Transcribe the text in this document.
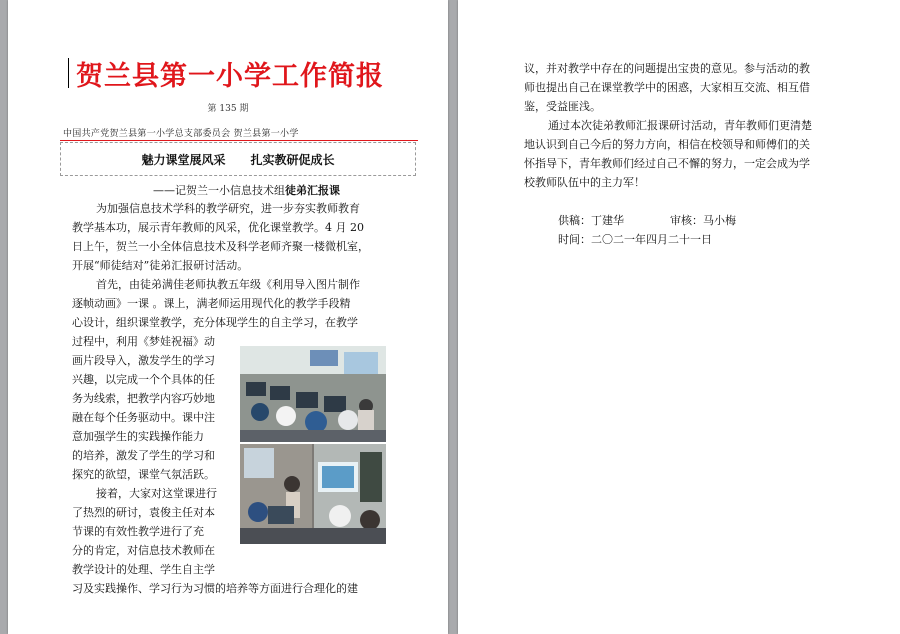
贺兰县第一小学工作简报
第 135 期
中国共产党贺兰县第一小学总支部委员会 贺兰县第一小学
魅力课堂展风采      扎实教研促成长
——记贺兰一小信息技术组徒弟汇报课
为加强信息技术学科的教学研究，进一步夯实教师教育
教学基本功，展示青年教师的风采，优化课堂教学。4 月 20
日上午，贺兰一小全体信息技术及科学老师齐聚一楼微机室，
开展“师徒结对”徒弟汇报研讨活动。
首先，由徒弟满佳老师执教五年级《利用导入图片制作
逐帧动画》一课 。课上，满老师运用现代化的教学手段精
心设计，组织课堂教学，充分体现学生的自主学习，在教学
过程中，利用《梦娃祝福》动
画片段导入，激发学生的学习
兴趣，以完成一个个具体的任
务为线索，把教学内容巧妙地
融在每个任务驱动中。课中注
意加强学生的实践操作能力
的培养，激发了学生的学习和
探究的欲望，课堂气氛活跃。
接着，大家对这堂课进行
了热烈的研讨，袁俊主任对本
节课的有效性教学进行了充
分的肯定，对信息技术教师在
教学设计的处理、学生自主学
习及实践操作、学习行为习惯的培养等方面进行合理化的建
议，并对教学中存在的问题提出宝贵的意见。参与活动的教
师也提出自己在课堂教学中的困惑，大家相互交流、相互借
鉴，受益匪浅。
通过本次徒弟教师汇报课研讨活动，青年教师们更清楚
地认识到自己今后的努力方向，相信在校领导和师傅们的关
怀指导下，青年教师们经过自己不懈的努力，一定会成为学
校教师队伍中的主力军！
供稿：丁建华	审核：马小梅
时间：二〇二一年四月二十一日
